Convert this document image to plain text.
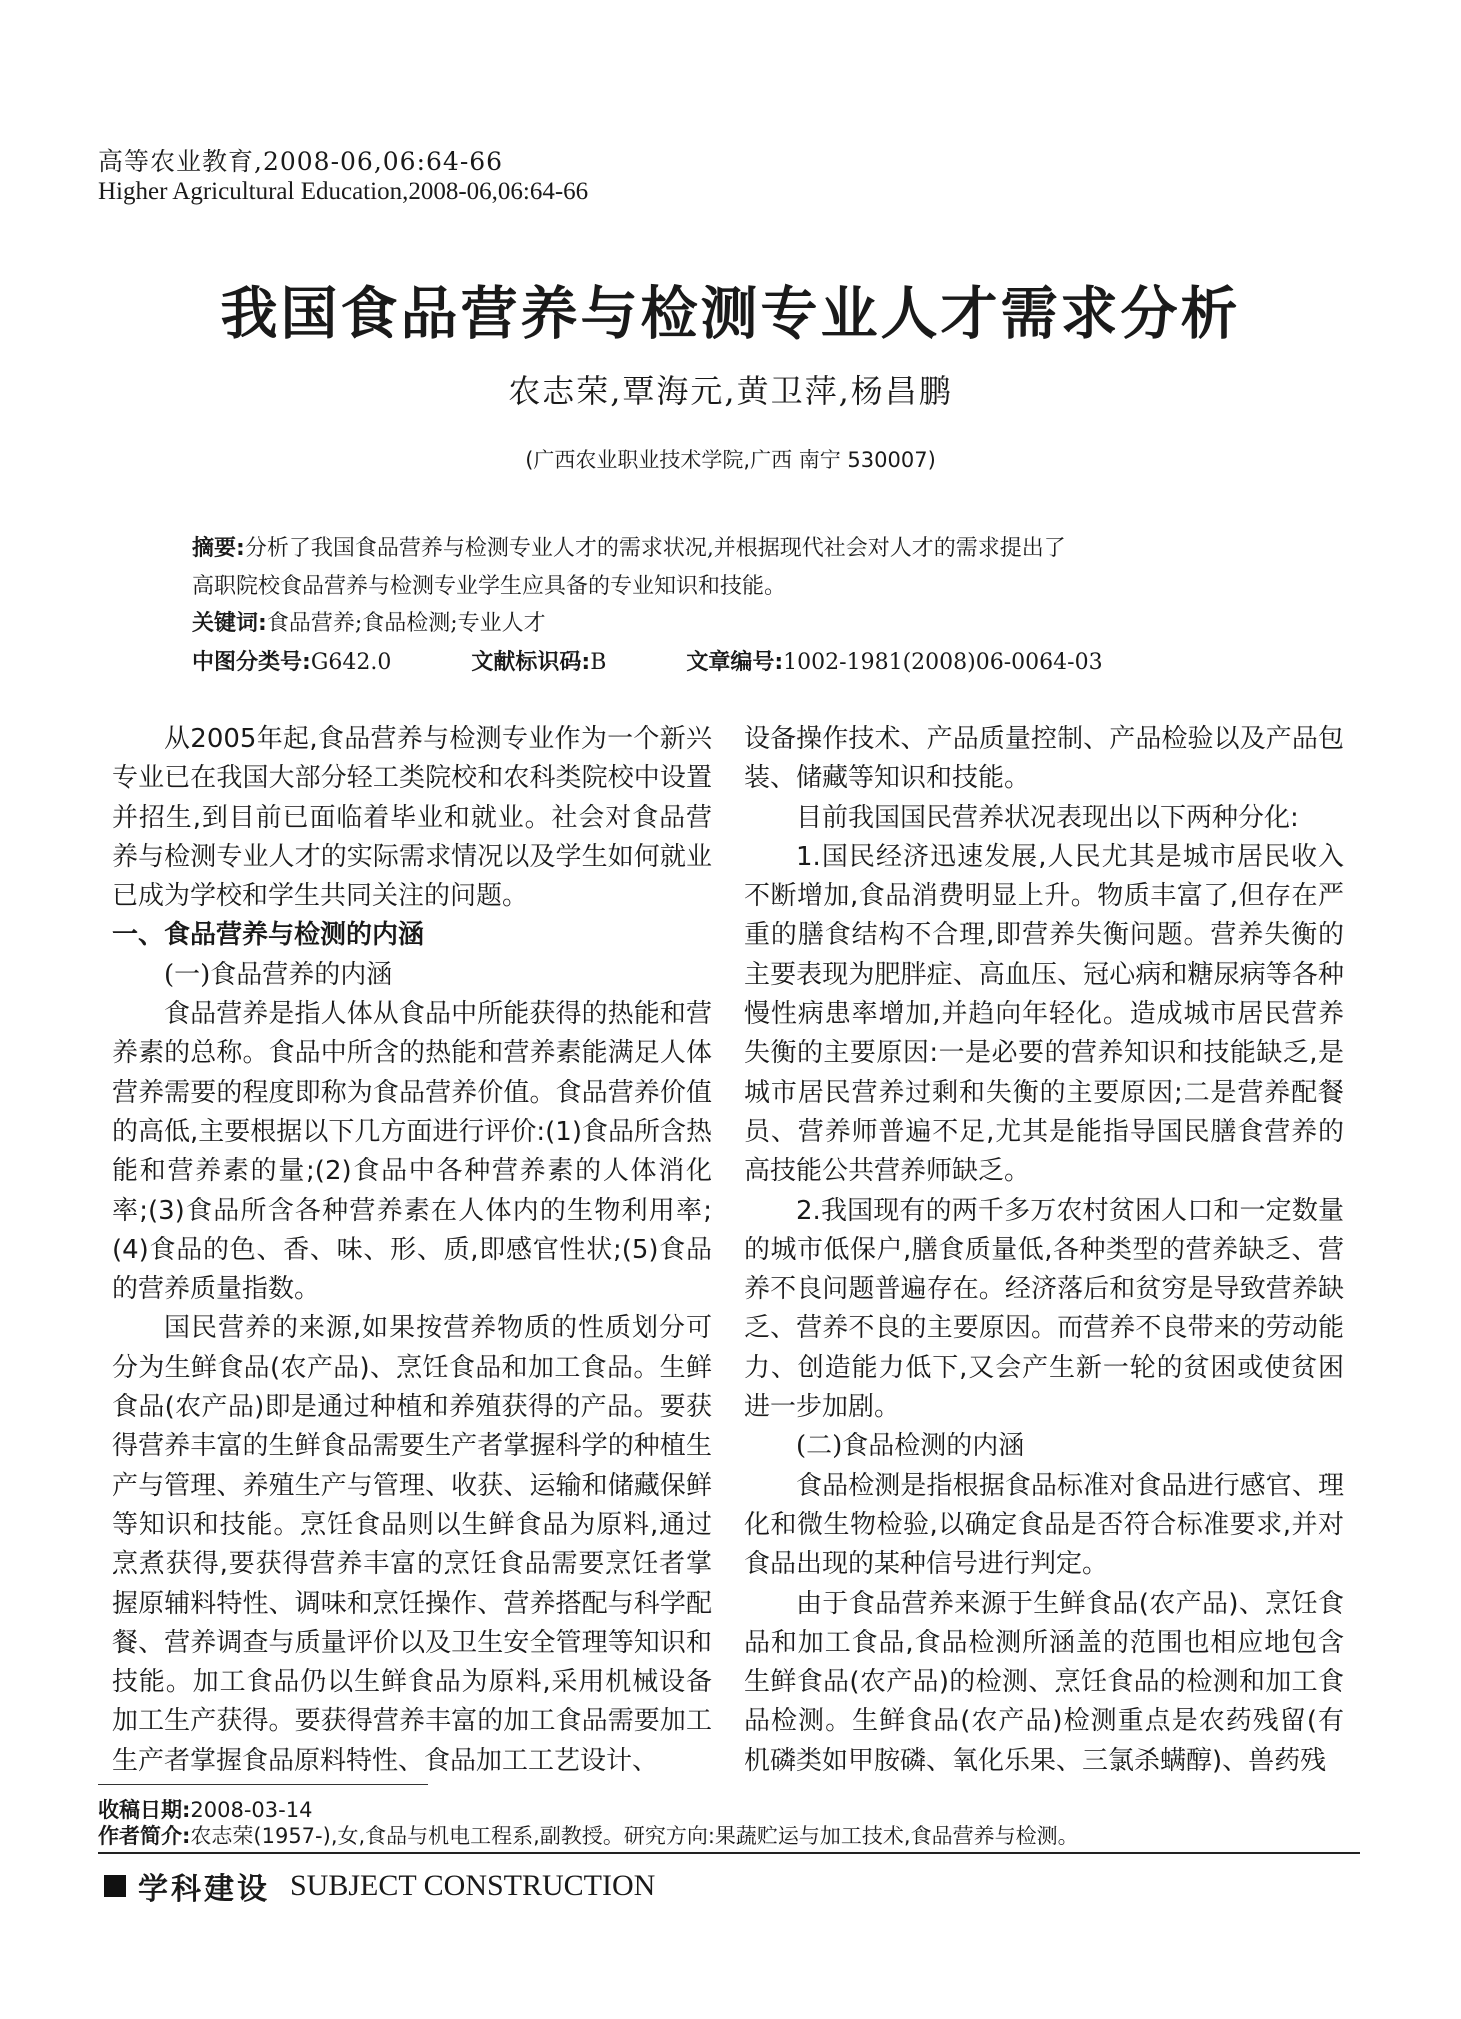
高等农业教育,2008-06,06:64-66
Higher Agricultural Education,2008-06,06:64-66
我国食品营养与检测专业人才需求分析
农志荣,覃海元,黄卫萍,杨昌鹏
(广西农业职业技术学院,广西 南宁 530007)
摘要:分析了我国食品营养与检测专业人才的需求状况,并根据现代社会对人才的需求提出了
高职院校食品营养与检测专业学生应具备的专业知识和技能。
关键词:食品营养;食品检测;专业人才
中图分类号:G642.0	文献标识码:B	文章编号:1002-1981(2008)06-0064-03

从2005年起,食品营养与检测专业作为一个新兴专业已在我国大部分轻工类院校和农科类院校中设置并招生,到目前已面临着毕业和就业。社会对食品营养与检测专业人才的实际需求情况以及学生如何就业已成为学校和学生共同关注的问题。

一、食品营养与检测的内涵

(一)食品营养的内涵

食品营养是指人体从食品中所能获得的热能和营养素的总称。食品中所含的热能和营养素能满足人体营养需要的程度即称为食品营养价值。食品营养价值的高低,主要根据以下几方面进行评价:(1)食品所含热能和营养素的量;(2)食品中各种营养素的人体消化率;(3)食品所含各种营养素在人体内的生物利用率;(4)食品的色、香、味、形、质,即感官性状;(5)食品的营养质量指数。

国民营养的来源,如果按营养物质的性质划分可分为生鲜食品(农产品)、烹饪食品和加工食品。生鲜食品(农产品)即是通过种植和养殖获得的产品。要获得营养丰富的生鲜食品需要生产者掌握科学的种植生产与管理、养殖生产与管理、收获、运输和储藏保鲜等知识和技能。烹饪食品则以生鲜食品为原料,通过烹煮获得,要获得营养丰富的烹饪食品需要烹饪者掌握原辅料特性、调味和烹饪操作、营养搭配与科学配餐、营养调查与质量评价以及卫生安全管理等知识和技能。加工食品仍以生鲜食品为原料,采用机械设备加工生产获得。要获得营养丰富的加工食品需要加工生产者掌握食品原料特性、食品加工工艺设计、

设备操作技术、产品质量控制、产品检验以及产品包装、储藏等知识和技能。

目前我国国民营养状况表现出以下两种分化:

1.国民经济迅速发展,人民尤其是城市居民收入不断增加,食品消费明显上升。物质丰富了,但存在严重的膳食结构不合理,即营养失衡问题。营养失衡的主要表现为肥胖症、高血压、冠心病和糖尿病等各种慢性病患率增加,并趋向年轻化。造成城市居民营养失衡的主要原因:一是必要的营养知识和技能缺乏,是城市居民营养过剩和失衡的主要原因;二是营养配餐员、营养师普遍不足,尤其是能指导国民膳食营养的高技能公共营养师缺乏。

2.我国现有的两千多万农村贫困人口和一定数量的城市低保户,膳食质量低,各种类型的营养缺乏、营养不良问题普遍存在。经济落后和贫穷是导致营养缺乏、营养不良的主要原因。而营养不良带来的劳动能力、创造能力低下,又会产生新一轮的贫困或使贫困进一步加剧。

(二)食品检测的内涵

食品检测是指根据食品标准对食品进行感官、理化和微生物检验,以确定食品是否符合标准要求,并对食品出现的某种信号进行判定。

由于食品营养来源于生鲜食品(农产品)、烹饪食品和加工食品,食品检测所涵盖的范围也相应地包含生鲜食品(农产品)的检测、烹饪食品的检测和加工食品检测。生鲜食品(农产品)检测重点是农药残留(有机磷类如甲胺磷、氧化乐果、三氯杀螨醇)、兽药残

收稿日期:2008-03-14
作者简介:农志荣(1957-),女,食品与机电工程系,副教授。研究方向:果蔬贮运与加工技术,食品营养与检测。
学科建设 SUBJECT CONSTRUCTION
